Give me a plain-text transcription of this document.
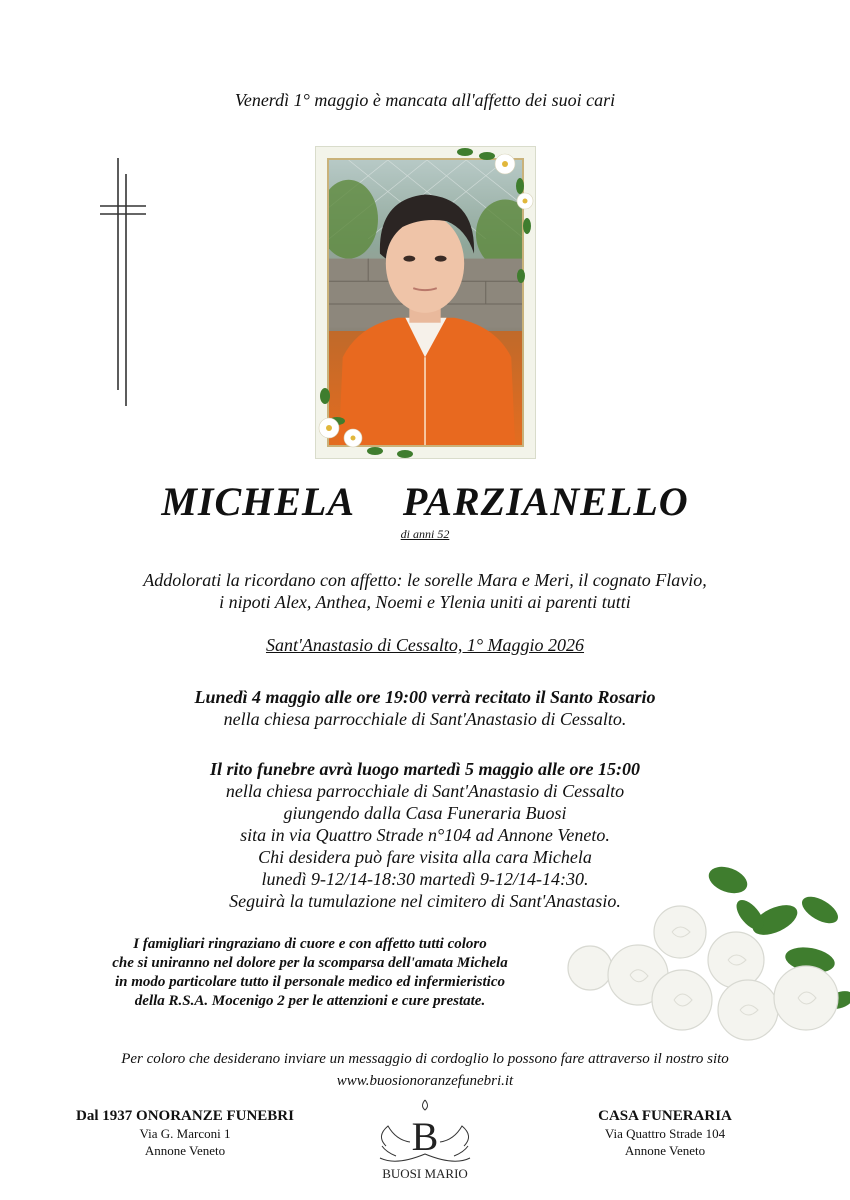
Venerdì 1° maggio è mancata all'affetto dei suoi cari
MICHELA  PARZIANELLO
di anni 52
Addolorati la ricordano con affetto: le sorelle Mara e Meri, il cognato Flavio,
i nipoti Alex, Anthea, Noemi e Ylenia uniti ai parenti tutti
Sant'Anastasio di Cessalto, 1° Maggio 2026
Lunedì 4 maggio alle ore 19:00 verrà recitato il Santo Rosario
nella chiesa parrocchiale di Sant'Anastasio di Cessalto.
Il rito funebre avrà luogo martedì 5 maggio alle ore 15:00
nella chiesa parrocchiale di Sant'Anastasio di Cessalto
giungendo dalla Casa Funeraria Buosi
sita in via Quattro Strade n°104 ad Annone Veneto.
Chi desidera può fare visita alla cara Michela
lunedì 9-12/14-18:30 martedì 9-12/14-14:30.
Seguirà la tumulazione nel cimitero di Sant'Anastasio.
I famigliari ringraziano di cuore e con affetto tutti coloro
che si uniranno nel dolore per la scomparsa dell'amata Michela
in modo particolare tutto il personale medico ed infermieristico
della R.S.A. Mocenigo 2 per le attenzioni e cure prestate.
Per coloro che desiderano inviare un messaggio di cordoglio lo possono fare attraverso il nostro sito
www.buosionoranzefunebri.it
Dal 1937 ONORANZE FUNEBRI
Via G. Marconi 1
Annone Veneto	B
BUOSI MARIO
CASA FUNERARIA
Via Quattro Strade 104
Annone Veneto
